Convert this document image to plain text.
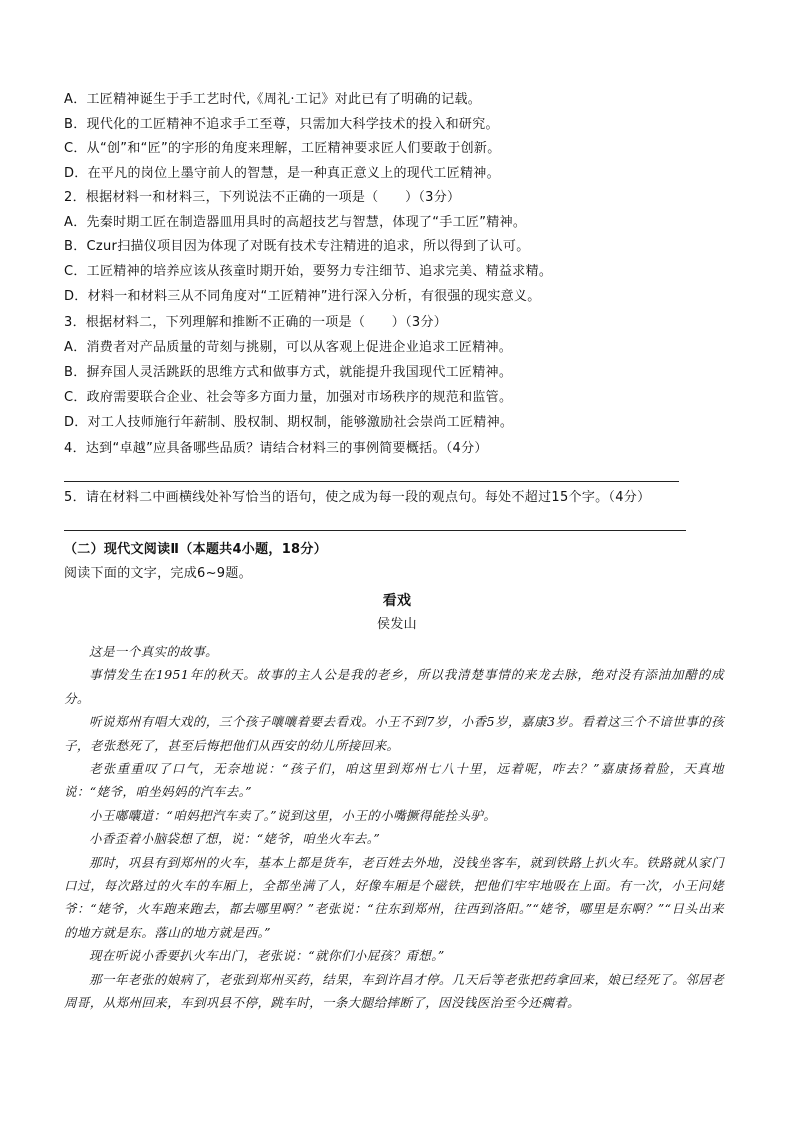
A．工匠精神诞生于手工艺时代,《周礼·工记》对此已有了明确的记载。
B．现代化的工匠精神不追求手工至尊，只需加大科学技术的投入和研究。
C．从“创”和“匠”的字形的角度来理解，工匠精神要求匠人们要敢于创新。
D．在平凡的岗位上墨守前人的智慧，是一种真正意义上的现代工匠精神。
2．根据材料一和材料三，下列说法不正确的一项是（　　）（3分）
A．先秦时期工匠在制造器皿用具时的高超技艺与智慧，体现了“手工匠”精神。
B．Czur扫描仪项目因为体现了对既有技术专注精进的追求，所以得到了认可。
C．工匠精神的培养应该从孩童时期开始，要努力专注细节、追求完美、精益求精。
D．材料一和材料三从不同角度对“工匠精神”进行深入分析，有很强的现实意义。
3．根据材料二，下列理解和推断不正确的一项是（　　）（3分）
A．消费者对产品质量的苛刻与挑剔，可以从客观上促进企业追求工匠精神。
B．摒弃国人灵活跳跃的思维方式和做事方式，就能提升我国现代工匠精神。
C．政府需要联合企业、社会等多方面力量，加强对市场秩序的规范和监管。
D．对工人技师施行年薪制、股权制、期权制，能够激励社会崇尚工匠精神。
4．达到“卓越”应具备哪些品质？请结合材料三的事例简要概括。（4分）
5．请在材料二中画横线处补写恰当的语句，使之成为每一段的观点句。每处不超过15个字。（4分）
（二）现代文阅读Ⅱ（本题共4小题，18分）
阅读下面的文字，完成6~9题。
看戏
侯发山

这是一个真实的故事。

事情发生在1951年的秋天。故事的主人公是我的老乡，所以我清楚事情的来龙去脉，绝对没有添油加醋的成分。

听说郑州有唱大戏的，三个孩子嚷嚷着要去看戏。小王不到7岁，小香5岁，嘉康3岁。看着这三个不谙世事的孩子，老张愁死了，甚至后悔把他们从西安的幼儿所接回来。

老张重重叹了口气，无奈地说：“孩子们，咱这里到郑州七八十里，远着呢，咋去？”嘉康扬着脸，天真地说：“姥爷，咱坐妈妈的汽车去。”

小王嘟囔道：“咱妈把汽车卖了。”说到这里，小王的小嘴撅得能拴头驴。

小香歪着小脑袋想了想，说：“姥爷，咱坐火车去。”

那时，巩县有到郑州的火车，基本上都是货车，老百姓去外地，没钱坐客车，就到铁路上扒火车。铁路就从家门口过，每次路过的火车的车厢上，全都坐满了人，好像车厢是个磁铁，把他们牢牢地吸在上面。有一次，小王问姥爷：“姥爷，火车跑来跑去，都去哪里啊？”老张说：“往东到郑州，往西到洛阳。”“姥爷，哪里是东啊？”“日头出来的地方就是东。落山的地方就是西。”

现在听说小香要扒火车出门，老张说：“就你们小屁孩？甭想。”

那一年老张的娘病了，老张到郑州买药，结果，车到许昌才停。几天后等老张把药拿回来，娘已经死了。邻居老周哥，从郑州回来，车到巩县不停，跳车时，一条大腿给摔断了，因没钱医治至今还瘸着。
